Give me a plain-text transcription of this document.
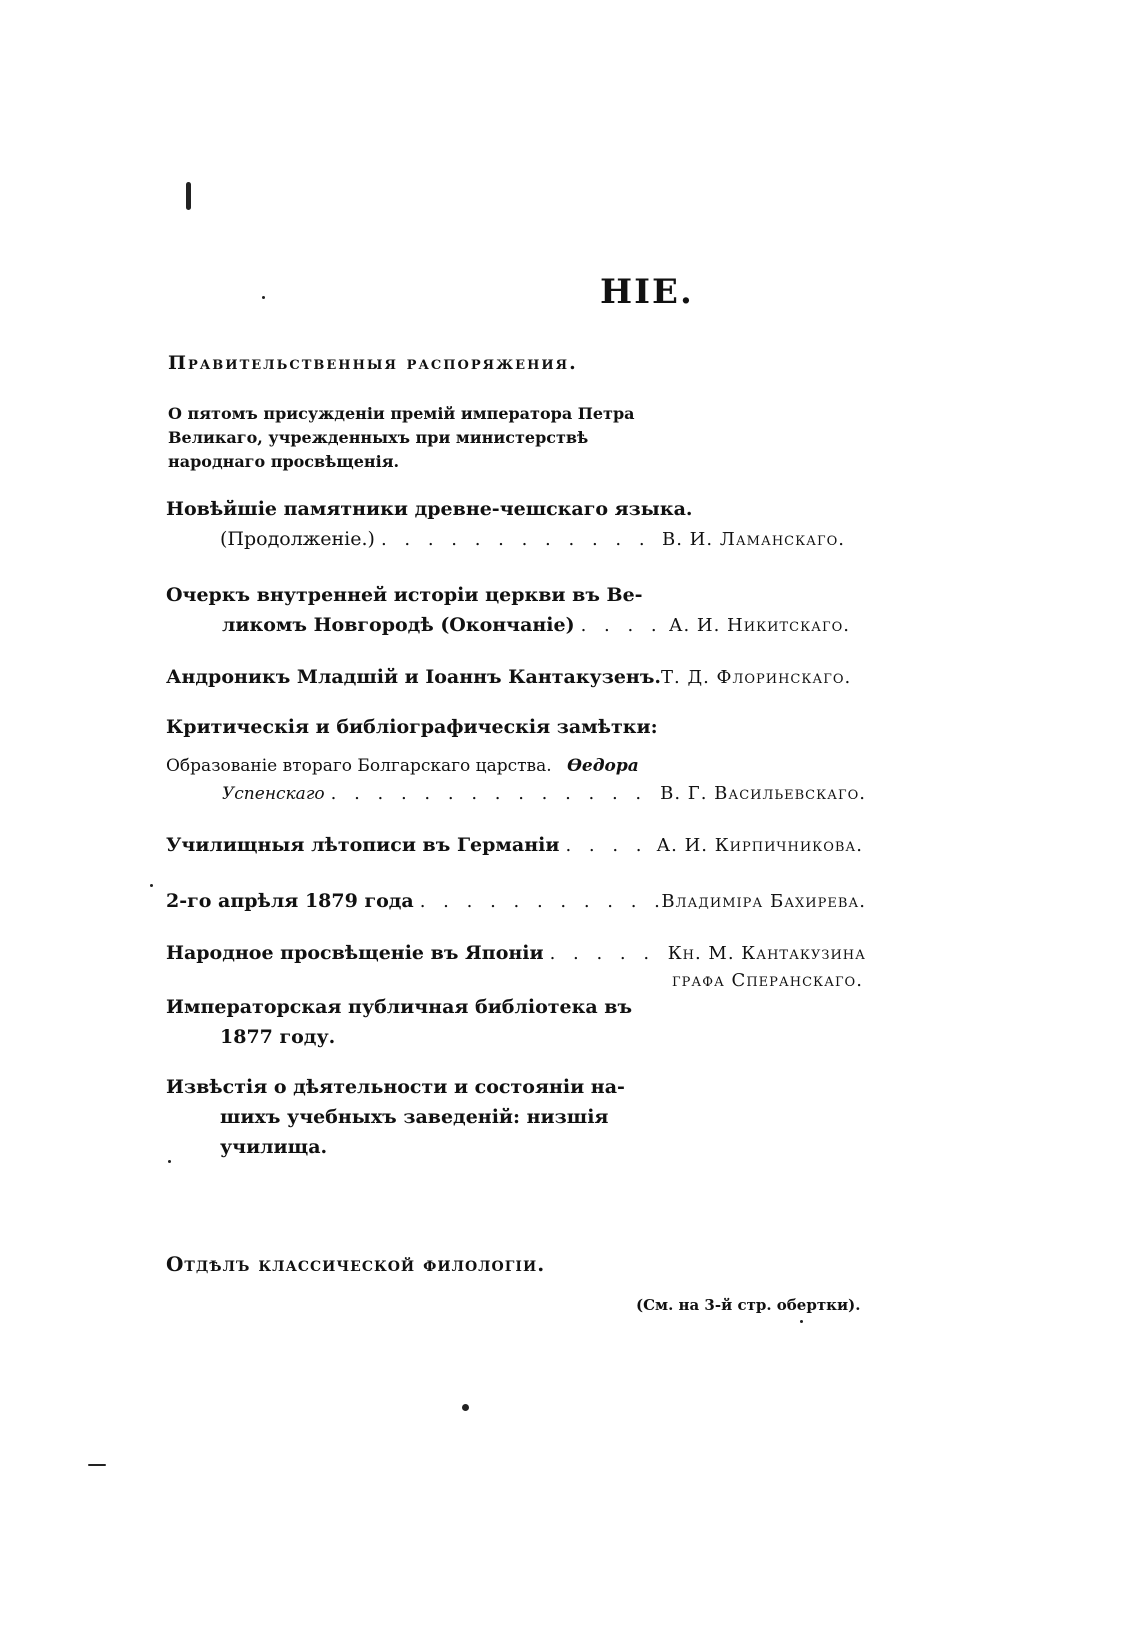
НІЕ.
Правительственныя распоряжения.
О пятомъ присужденіи премій императора Петра Великаго, учрежденныхъ при министерствѣ народнаго просвѣщенія.
Новѣйшіе памятники древне-чешскаго языка.
(Продолженіе.) . . .	В. И. Ламанскаго.
Очеркъ внутренней исторіи церкви въ Ве-
ликомъ Новгородѣ (Окончаніе) . . .	А. И. Никитскаго.
Андроникъ Младшій и Іоаннъ Кантакузенъ. Т. Д. Флоринскаго.
Критическія и библіографическія замѣтки:
Образованіе втораго Болгарскаго царства. Өедора
Успенскаго . . .	В. Г. Васильевскаго.
Училищныя лѣтописи въ Германіи . . .	А. И. Кирпичникова.
2-го апрѣля 1879 года . . .	Владиміра Бахирева.
Народное просвѣщеніе въ Японіи . . .	Кн. М. Кантакузина
графа Сперанскаго.
Императорская публичная библіотека въ
1877 году.
Извѣстія о дѣятельности и состояніи на-
шихъ учебныхъ заведеній: низшія
училища.
Отдѣлъ классической филологіи.
(См. на 3-й стр. обертки).
